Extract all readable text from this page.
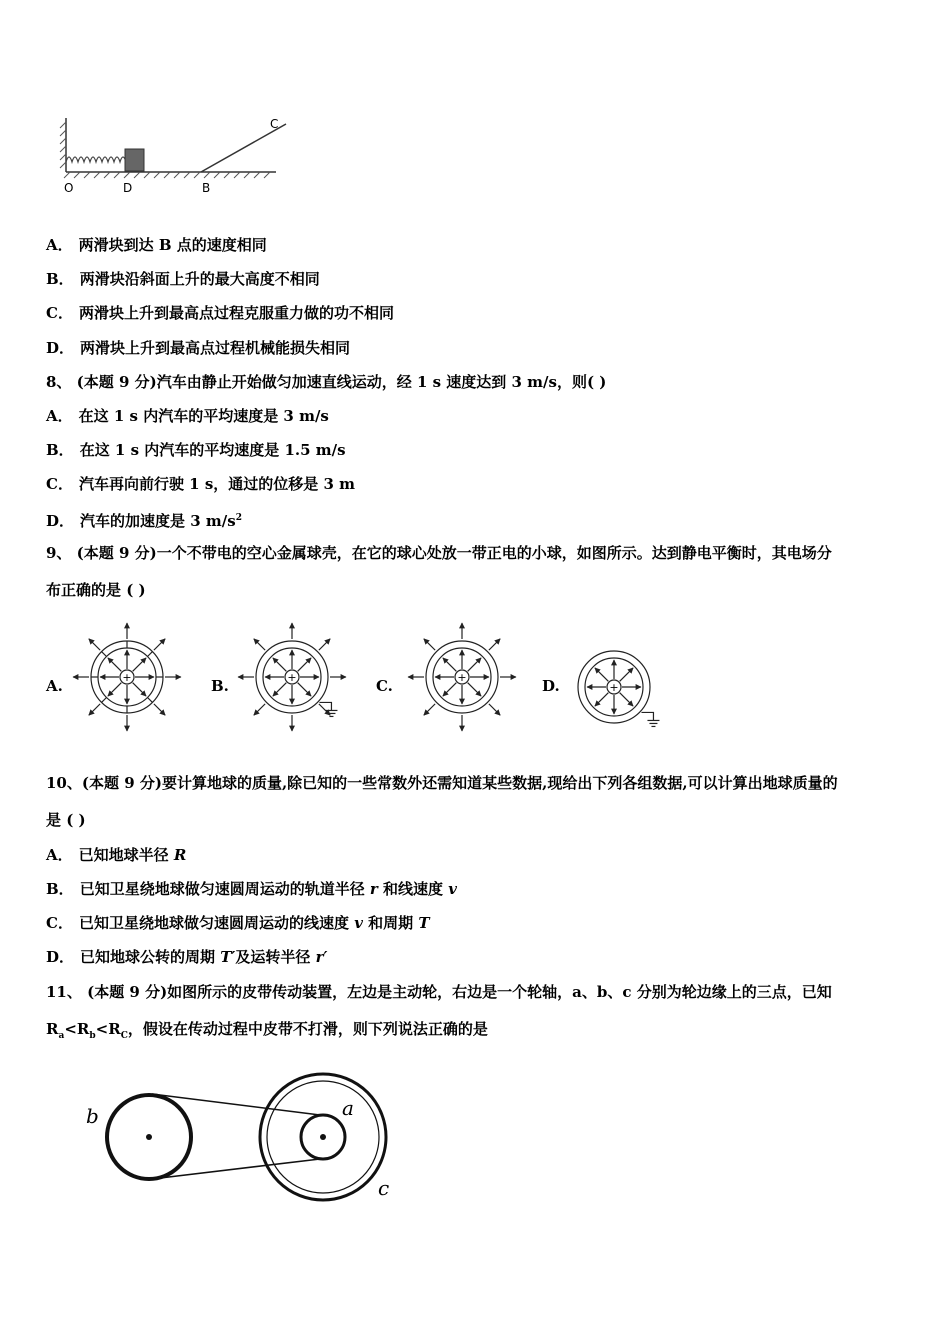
O	D	B
C
A． 两滑块到达 B 点的速度相同
B． 两滑块沿斜面上升的最大高度不相同
C． 两滑块上升到最高点过程克服重力做的功不相同
D． 两滑块上升到最高点过程机械能损失相同
8、 (本题 9 分)汽车由静止开始做匀加速直线运动，经 1 s 速度达到 3 m/s，则( )
A． 在这 1 s 内汽车的平均速度是 3 m/s
B． 在这 1 s 内汽车的平均速度是 1.5 m/s
C． 汽车再向前行驶 1 s，通过的位移是 3 m
D． 汽车的加速度是 3 $m/s^2$
9、 (本题 9 分)一个不带电的空心金属球壳，在它的球心处放一带正电的小球，如图所示。达到静电平衡时，其电场分
布正确的是 ( )
A.	B.	C.	D.
+	+	+
+
10、(本题 9 分)要计算地球的质量,除已知的一些常数外还需知道某些数据,现给出下列各组数据,可以计算出地球质量的
是 ( )
A． 已知地球半径 R
B． 已知卫星绕地球做匀速圆周运动的轨道半径 r 和线速度 v
C． 已知卫星绕地球做匀速圆周运动的线速度 v 和周期 T
D． 已知地球公转的周期 T′及运转半径 r′
11、 (本题 9 分)如图所示的皮带传动装置，左边是主动轮，右边是一个轮轴，a、b、c 分别为轮边缘上的三点，已知
$R_a<R_b<R_C$，假设在传动过程中皮带不打滑，则下列说法正确的是
a
b
c
